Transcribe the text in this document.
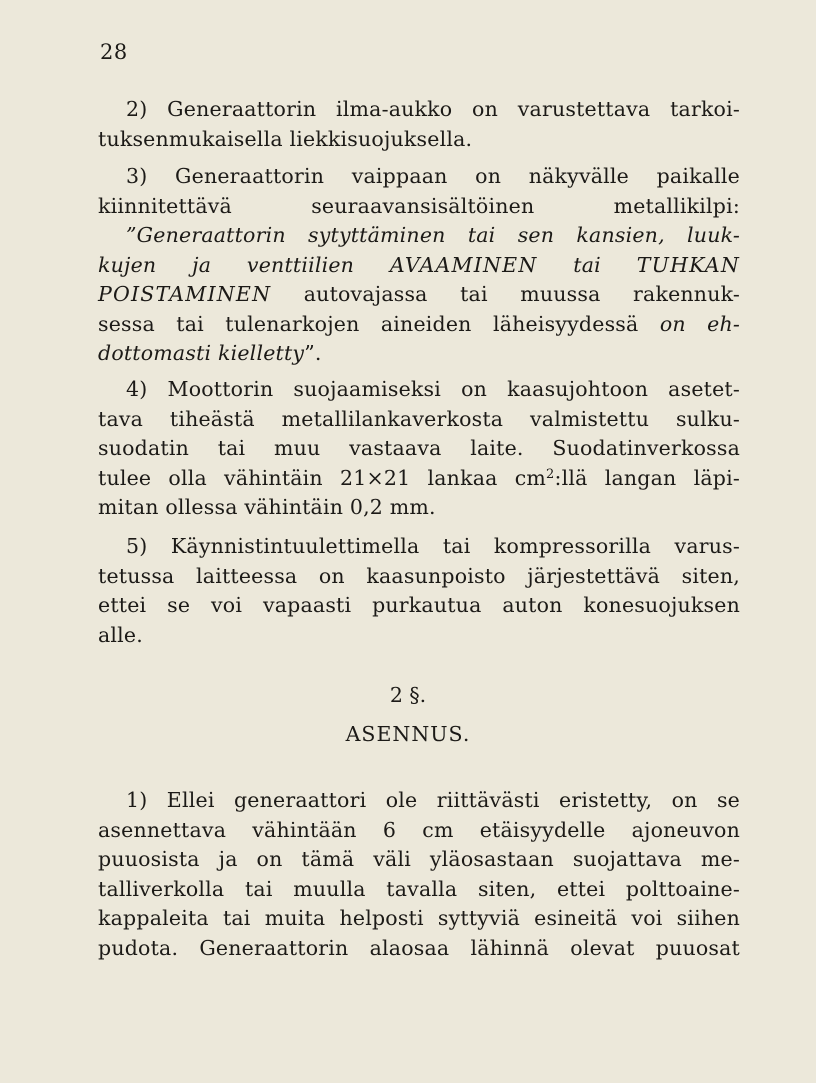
28
2) Generaattorin ilma-aukko on varustettava tarkoi-
tuksenmukaisella liekkisuojuksella.
3) Generaattorin vaippaan on näkyvälle paikalle
kiinnitettävä seuraavansisältöinen metallikilpi:
”Generaattorin sytyttäminen tai sen kansien, luuk-
kujen ja venttiilien AVAAMINEN tai TUHKAN
POISTAMINEN autovajassa tai muussa rakennuk-
sessa tai tulenarkojen aineiden läheisyydessä on eh-
dottomasti kielletty”.
4) Moottorin suojaamiseksi on kaasujohtoon asetet-
tava tiheästä metallilankaverkosta valmistettu sulku-
suodatin tai muu vastaava laite. Suodatinverkossa
tulee olla vähintäin 21×21 lankaa $cm^2:llä$ langan läpi-
mitan ollessa vähintäin 0,2 mm.
5) Käynnistintuulettimella tai kompressorilla varus-
tetussa laitteessa on kaasunpoisto järjestettävä siten,
ettei se voi vapaasti purkautua auton konesuojuksen
alle.
2 §.
ASENNUS.
1) Ellei generaattori ole riittävästi eristetty, on se
asennettava vähintään 6 cm etäisyydelle ajoneuvon
puuosista ja on tämä väli yläosastaan suojattava me-
talliverkolla tai muulla tavalla siten, ettei polttoaine-
kappaleita tai muita helposti syttyviä esineitä voi siihen
pudota. Generaattorin alaosaa lähinnä olevat puuosat
